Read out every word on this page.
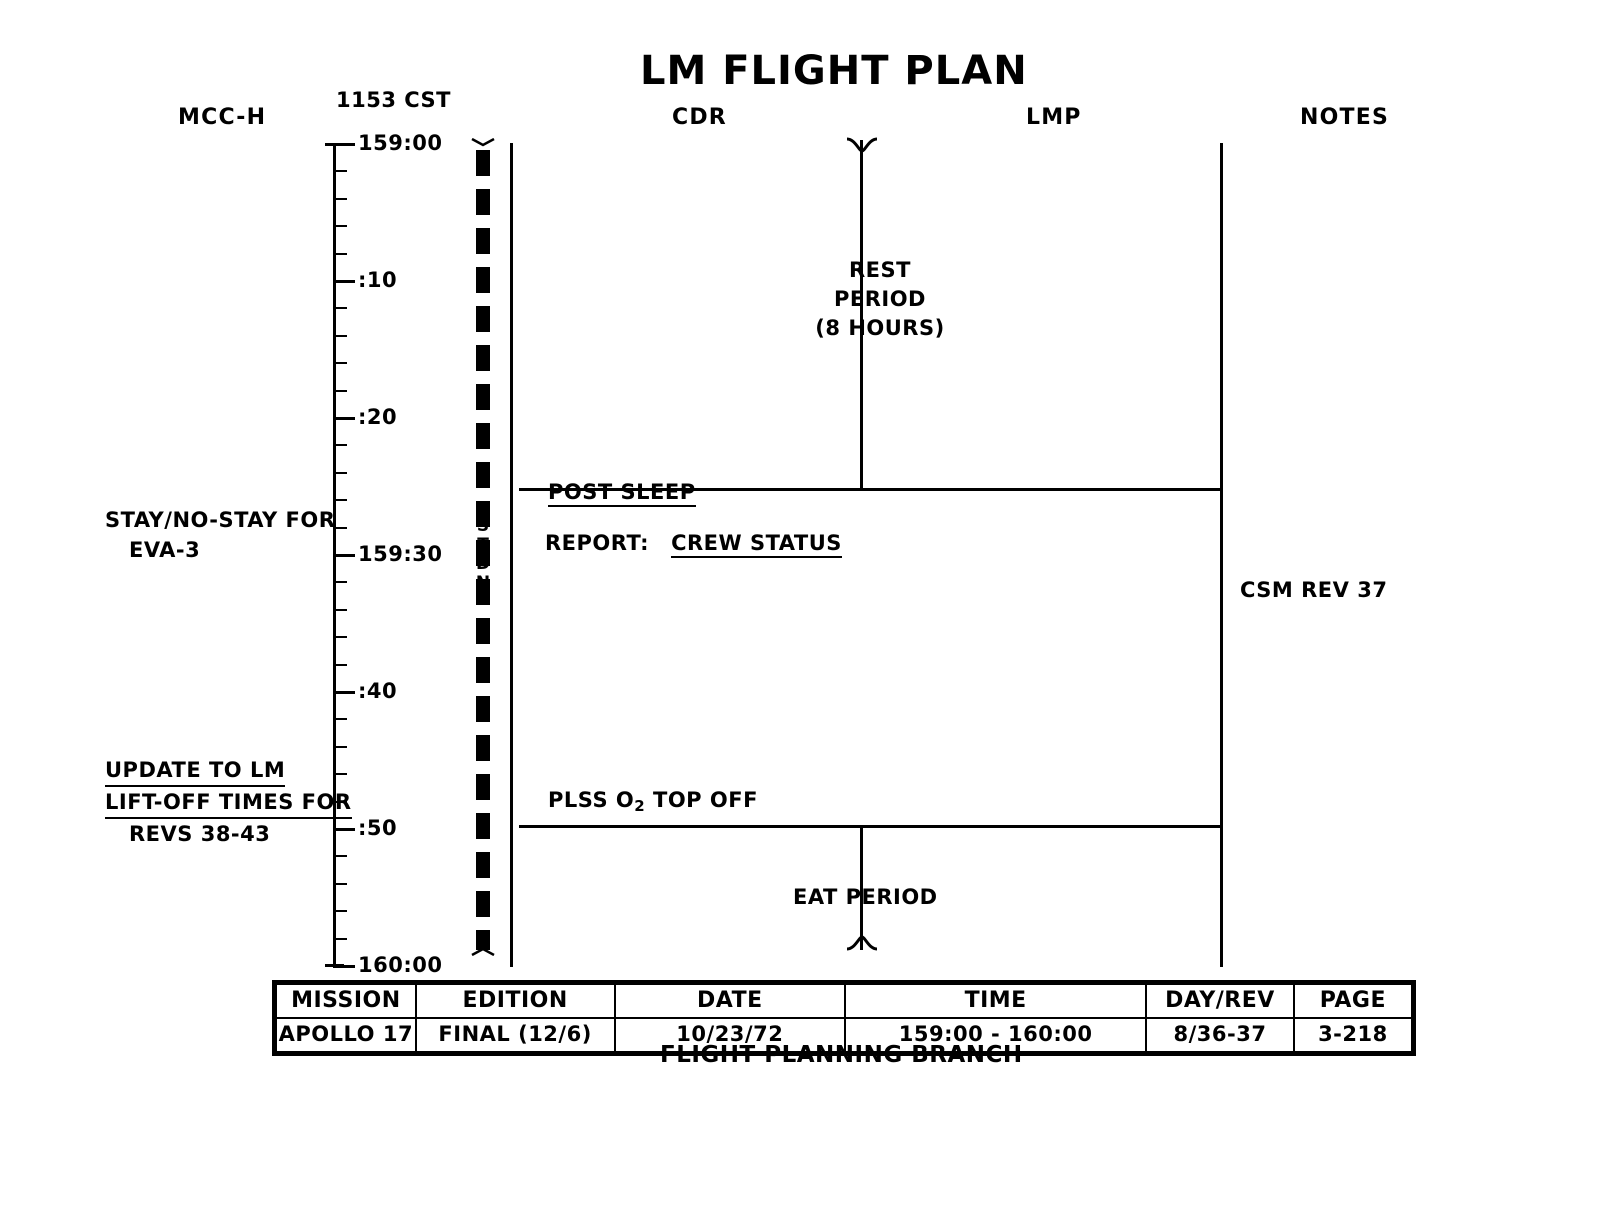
LM FLIGHT PLAN
MCC-H	CDR	LMP	NOTES
1153 CST
159:00
:10
:20
159:30
:40
:50
160:00
S
T
D
N
REST PERIOD
(8 HOURS)
POST SLEEP
REPORT: CREW STATUS
PLSS $O_2$ TOP OFF
EAT PERIOD
CSM REV 37
STAY/NO-STAY FOR
EVA-3
UPDATE TO LM
LIFT-OFF TIMES FOR
REVS 38-43
MISSION	EDITION	DATE	TIME	DAY/REV	PAGE
APOLLO 17	FINAL (12/6)	10/23/72	159:00 - 160:00	8/36-37	3-218
FLIGHT PLANNING BRANCH
